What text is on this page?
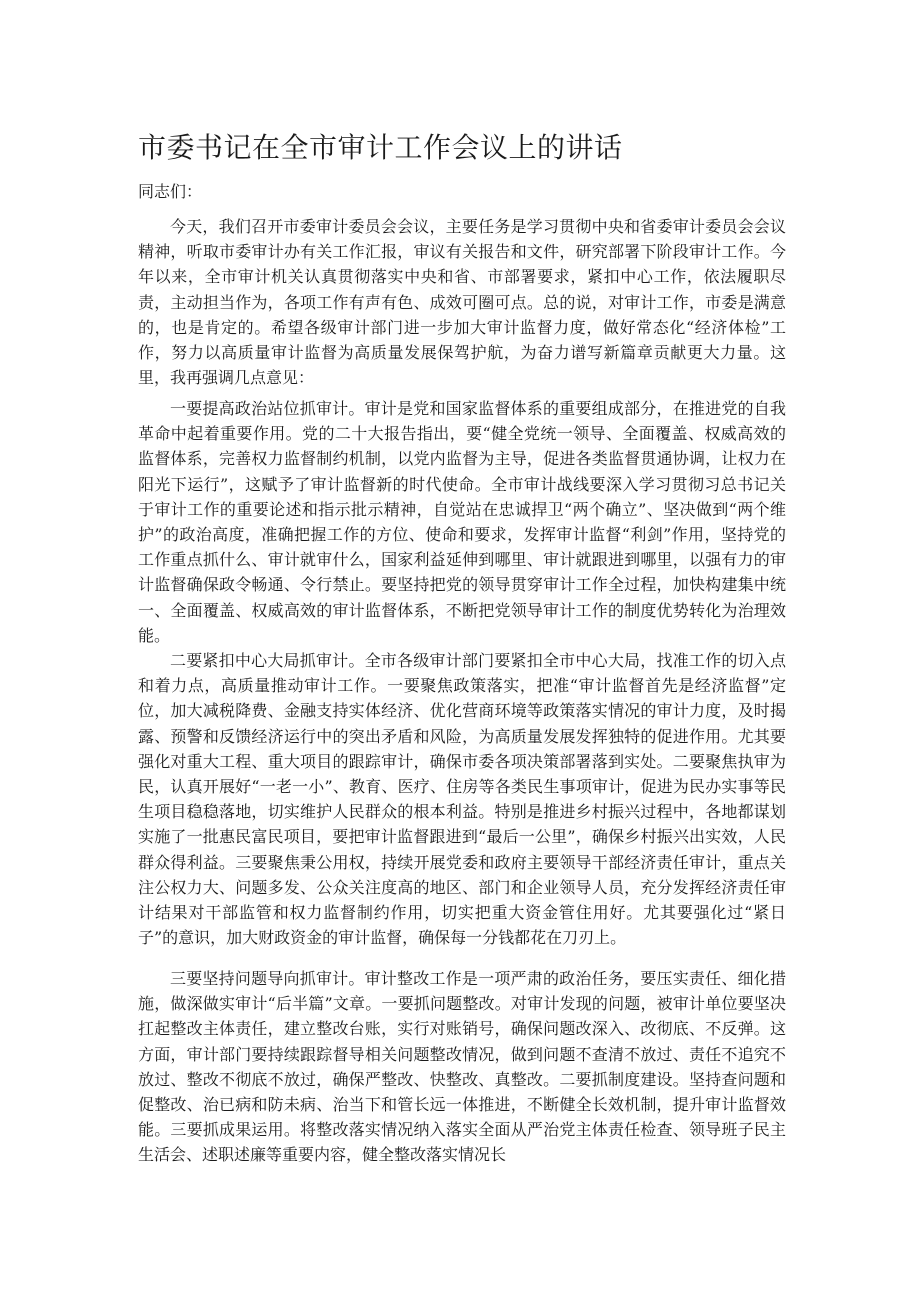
市委书记在全市审计工作会议上的讲话

同志们：

今天，我们召开市委审计委员会会议，主要任务是学习贯彻中央和省委审计委员会会议精神，听取市委审计办有关工作汇报，审议有关报告和文件，研究部署下阶段审计工作。今年以来，全市审计机关认真贯彻落实中央和省、市部署要求，紧扣中心工作，依法履职尽责，主动担当作为，各项工作有声有色、成效可圈可点。总的说，对审计工作，市委是满意的，也是肯定的。希望各级审计部门进一步加大审计监督力度，做好常态化“经济体检”工作，努力以高质量审计监督为高质量发展保驾护航，为奋力谱写新篇章贡献更大力量。这里，我再强调几点意见：

一要提高政治站位抓审计。审计是党和国家监督体系的重要组成部分，在推进党的自我革命中起着重要作用。党的二十大报告指出，要“健全党统一领导、全面覆盖、权威高效的监督体系，完善权力监督制约机制，以党内监督为主导，促进各类监督贯通协调，让权力在阳光下运行”，这赋予了审计监督新的时代使命。全市审计战线要深入学习贯彻习总书记关于审计工作的重要论述和指示批示精神，自觉站在忠诚捍卫“两个确立”、坚决做到“两个维护”的政治高度，准确把握工作的方位、使命和要求，发挥审计监督“利剑”作用，坚持党的工作重点抓什么、审计就审什么，国家利益延伸到哪里、审计就跟进到哪里，以强有力的审计监督确保政令畅通、令行禁止。要坚持把党的领导贯穿审计工作全过程，加快构建集中统一、全面覆盖、权威高效的审计监督体系，不断把党领导审计工作的制度优势转化为治理效能。

二要紧扣中心大局抓审计。全市各级审计部门要紧扣全市中心大局，找准工作的切入点和着力点，高质量推动审计工作。一要聚焦政策落实，把准“审计监督首先是经济监督”定位，加大减税降费、金融支持实体经济、优化营商环境等政策落实情况的审计力度，及时揭露、预警和反馈经济运行中的突出矛盾和风险，为高质量发展发挥独特的促进作用。尤其要强化对重大工程、重大项目的跟踪审计，确保市委各项决策部署落到实处。二要聚焦执审为民，认真开展好“一老一小”、教育、医疗、住房等各类民生事项审计，促进为民办实事等民生项目稳稳落地，切实维护人民群众的根本利益。特别是推进乡村振兴过程中，各地都谋划实施了一批惠民富民项目，要把审计监督跟进到“最后一公里”，确保乡村振兴出实效，人民群众得利益。三要聚焦秉公用权，持续开展党委和政府主要领导干部经济责任审计，重点关注公权力大、问题多发、公众关注度高的地区、部门和企业领导人员，充分发挥经济责任审计结果对干部监管和权力监督制约作用，切实把重大资金管住用好。尤其要强化过“紧日子”的意识，加大财政资金的审计监督，确保每一分钱都花在刀刃上。

三要坚持问题导向抓审计。审计整改工作是一项严肃的政治任务，要压实责任、细化措施，做深做实审计“后半篇”文章。一要抓问题整改。对审计发现的问题，被审计单位要坚决扛起整改主体责任，建立整改台账，实行对账销号，确保问题改深入、改彻底、不反弹。这方面，审计部门要持续跟踪督导相关问题整改情况，做到问题不查清不放过、责任不追究不放过、整改不彻底不放过，确保严整改、快整改、真整改。二要抓制度建设。坚持查问题和促整改、治已病和防未病、治当下和管长远一体推进，不断健全长效机制，提升审计监督效能。三要抓成果运用。将整改落实情况纳入落实全面从严治党主体责任检查、领导班子民主生活会、述职述廉等重要内容，健全整改落实情况长
